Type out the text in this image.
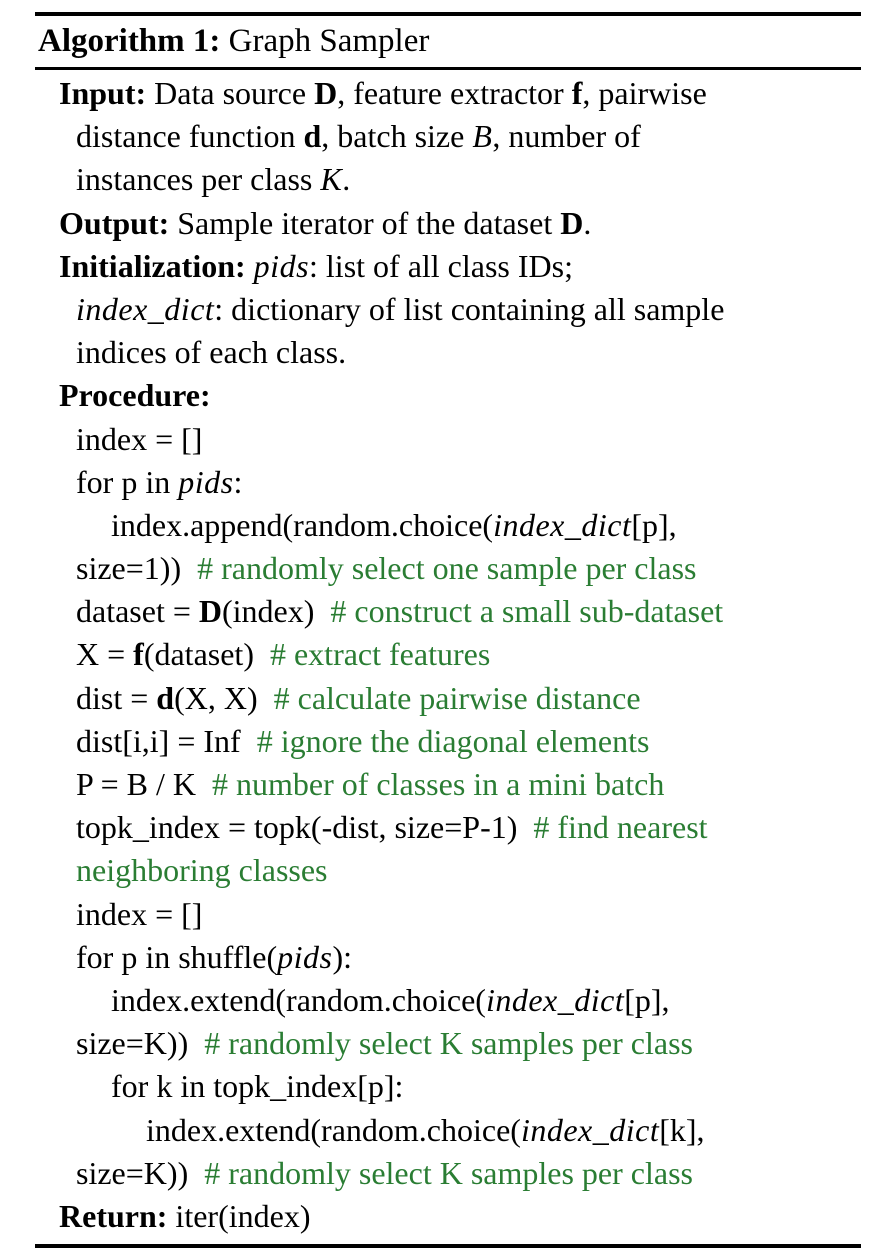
Algorithm 1: Graph Sampler
Input: Data source D, feature extractor f, pairwise
distance function d, batch size B, number of
instances per class K.
Output: Sample iterator of the dataset D.
Initialization: pids: list of all class IDs;
index_dict: dictionary of list containing all sample
indices of each class.
Procedure:
index = []
for p in pids:
index.append(random.choice(index_dict[p],
size=1)) # randomly select one sample per class
dataset = D(index) # construct a small sub-dataset
X = f(dataset) # extract features
dist = d(X, X) # calculate pairwise distance
dist[i,i] = Inf # ignore the diagonal elements
P = B / K # number of classes in a mini batch
topk_index = topk(-dist, size=P-1) # find nearest
neighboring classes
index = []
for p in shuffle(pids):
index.extend(random.choice(index_dict[p],
size=K)) # randomly select K samples per class
for k in topk_index[p]:
index.extend(random.choice(index_dict[k],
size=K)) # randomly select K samples per class
Return: iter(index)
